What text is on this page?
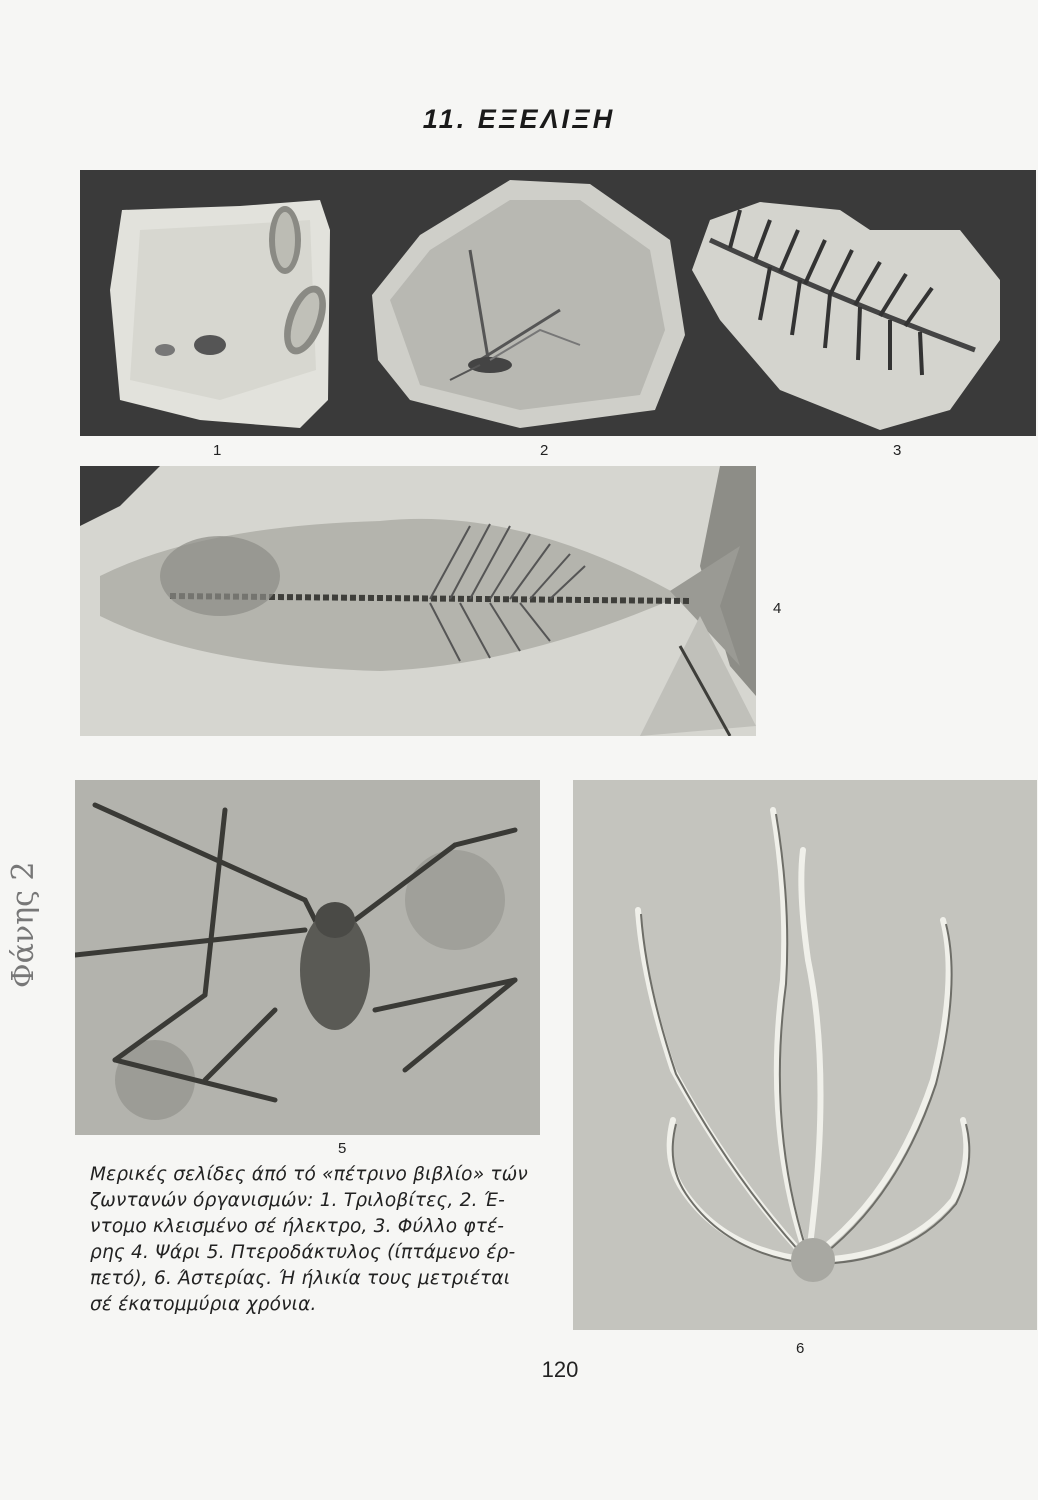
11. ΕΞΕΛΙΞΗ
1	2	3
4
5
6
Μερικές σελίδες άπό τό «πέτρινο βιβλίο» τών
ζωντανών όργανισμών: 1. Τριλοβίτες, 2. Έ-
ντομο κλεισμένο σέ ήλεκτρο, 3. Φύλλο φτέ-
ρης 4. Ψάρι 5. Πτεροδάκτυλος (ίπτάμενο έρ-
πετό), 6. Άστερίας. Ή ήλικία τους μετριέται
σέ έκατομμύρια χρόνια.
Φάνης 2
120
